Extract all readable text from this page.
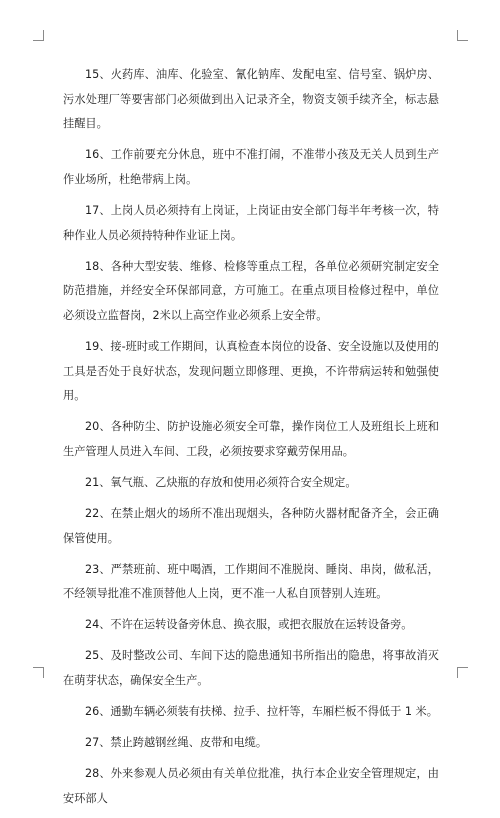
15、火药库、油库、化验室、氰化钠库、发配电室、信号室、锅炉房、污水处理厂等要害部门必须做到出入记录齐全，物资支领手续齐全，标志悬挂醒目。

16、工作前要充分休息，班中不准打闹，不准带小孩及无关人员到生产作业场所，杜绝带病上岗。

17、上岗人员必须持有上岗证，上岗证由安全部门每半年考核一次，特种作业人员必须持特种作业证上岗。

18、各种大型安装、维修、检修等重点工程，各单位必须研究制定安全防范措施，并经安全环保部同意，方可施工。在重点项目检修过程中，单位必须设立监督岗，2米以上高空作业必须系上安全带。

19、接-班时或工作期间，认真检查本岗位的设备、安全设施以及使用的工具是否处于良好状态，发现问题立即修理、更换，不许带病运转和勉强使用。

20、各种防尘、防护设施必须安全可靠，操作岗位工人及班组长上班和生产管理人员进入车间、工段，必须按要求穿戴劳保用品。

21、氧气瓶、乙炔瓶的存放和使用必须符合安全规定。

22、在禁止烟火的场所不准出现烟头，各种防火器材配备齐全，会正确保管使用。

23、严禁班前、班中喝酒，工作期间不准脱岗、睡岗、串岗，做私活，不经领导批准不准顶替他人上岗，更不准一人私自顶替别人连班。

24、不许在运转设备旁休息、换衣服，或把衣服放在运转设备旁。

25、及时整改公司、车间下达的隐患通知书所指出的隐患，将事故消灭在萌芽状态，确保安全生产。

26、通勤车辆必须装有扶梯、拉手、拉杆等，车厢栏板不得低于 1 米。

27、禁止跨越钢丝绳、皮带和电缆。

28、外来参观人员必须由有关单位批准，执行本企业安全管理规定，由安环部人
